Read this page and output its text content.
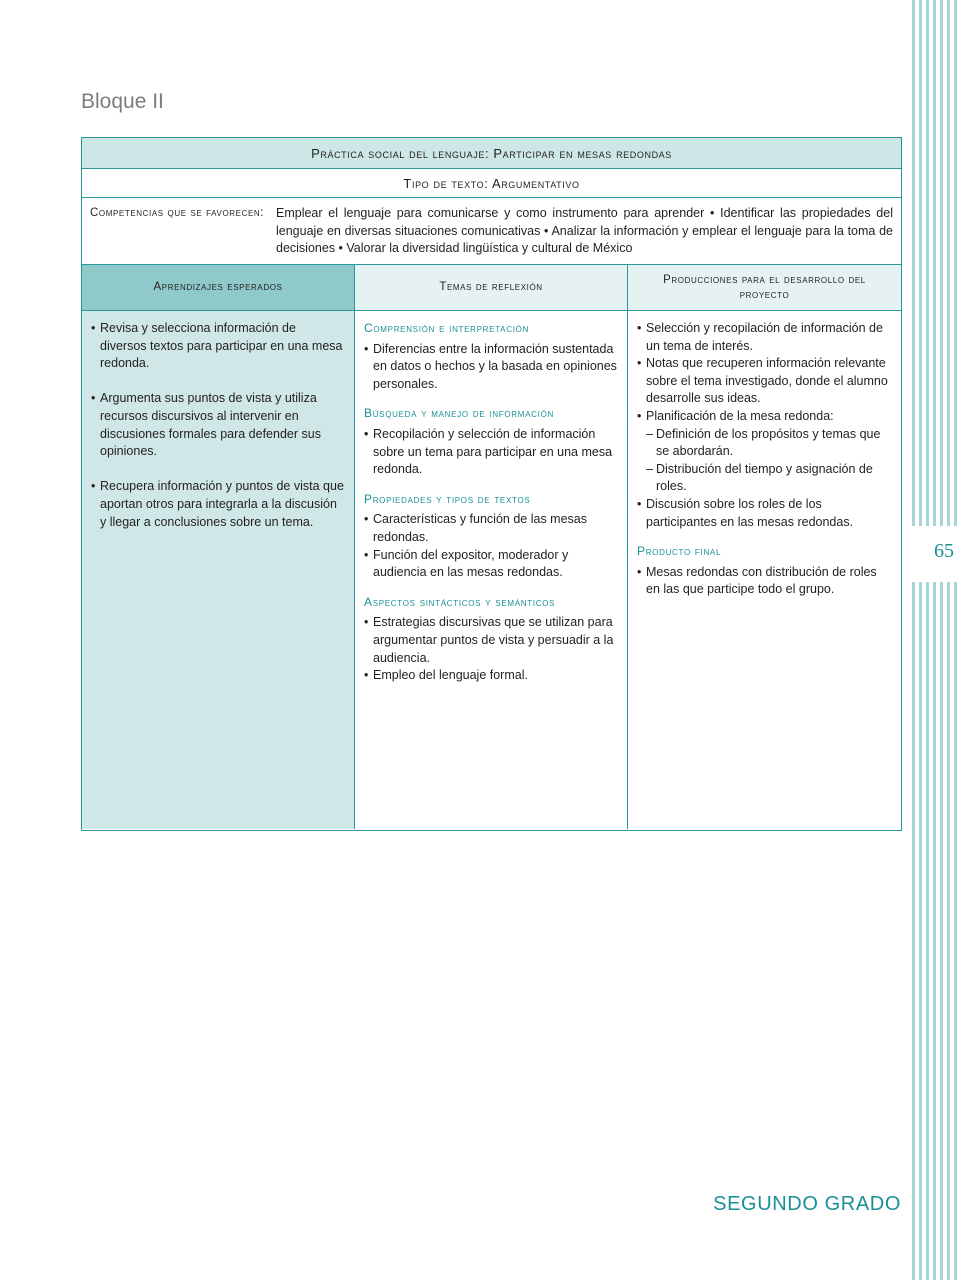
65
Bloque II
Práctica social del lenguaje: Participar en mesas redondas
Tipo de texto: Argumentativo
Competencias que se favorecen: Emplear el lenguaje para comunicarse y como instrumento para aprender • Identificar las propiedades del lenguaje en diversas situaciones comunicativas • Analizar la información y emplear el lenguaje para la toma de decisiones • Valorar la diversidad lingüística y cultural de México
Aprendizajes esperados	Temas de reflexión
Producciones para el desarrollo del proyecto
• Revisa y selecciona información de diversos textos para participar en una mesa redonda.
• Argumenta sus puntos de vista y utiliza recursos discursivos al intervenir en discusiones formales para defender sus opiniones.
• Recupera información y puntos de vista que aportan otros para integrarla a la discusión y llegar a conclusiones sobre un tema.
Comprensión e interpretación
• Diferencias entre la información sustentada en datos o hechos y la basada en opiniones personales.
Búsqueda y manejo de información
• Recopilación y selección de información sobre un tema para participar en una mesa redonda.
Propiedades y tipos de textos
• Características y función de las mesas redondas.
• Función del expositor, moderador y audiencia en las mesas redondas.
Aspectos sintácticos y semánticos
• Estrategias discursivas que se utilizan para argumentar puntos de vista y persuadir a la audiencia.
• Empleo del lenguaje formal.
• Selección y recopilación de información de un tema de interés.
• Notas que recuperen información relevante sobre el tema investigado, donde el alumno desarrolle sus ideas.
• Planificación de la mesa redonda:
– Definición de los propósitos y temas que se abordarán.
– Distribución del tiempo y asignación de roles.
• Discusión sobre los roles de los participantes en las mesas redondas.
Producto final
• Mesas redondas con distribución de roles en las que participe todo el grupo.
SEGUNDO GRADO
